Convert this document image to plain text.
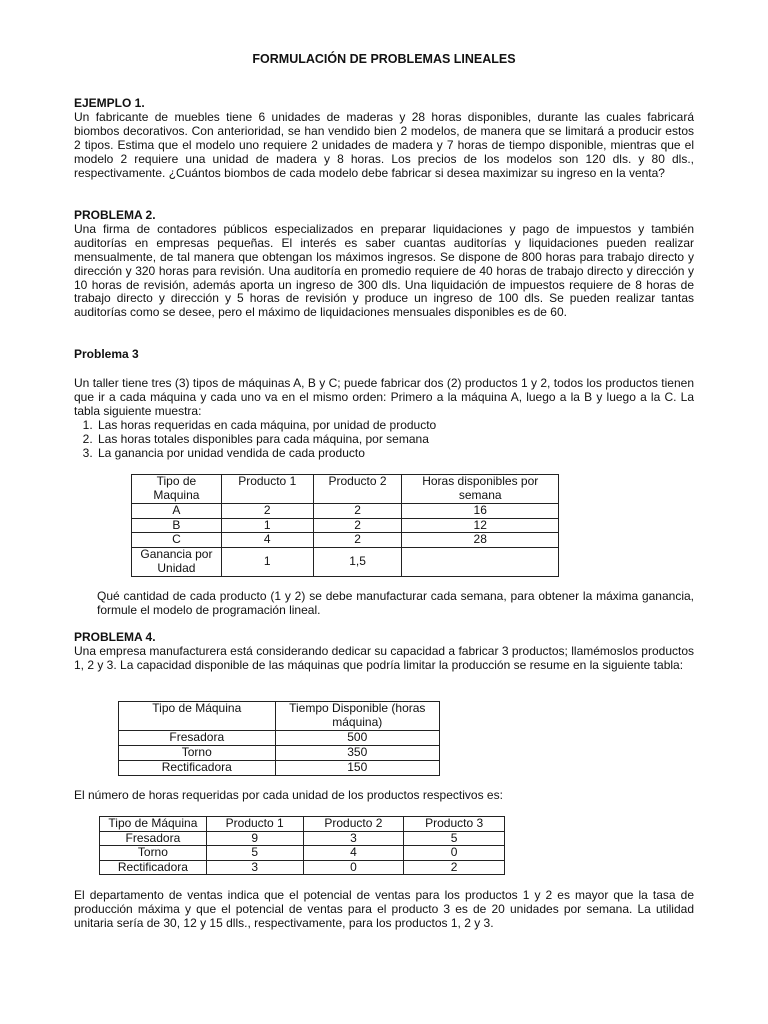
FORMULACIÓN DE PROBLEMAS LINEALES
EJEMPLO 1.
Un fabricante de muebles tiene 6 unidades de maderas y 28 horas disponibles, durante las cuales fabricará biombos decorativos. Con anterioridad, se han vendido bien 2 modelos, de manera que se limitará a producir estos 2 tipos. Estima que el modelo uno requiere 2 unidades de madera y 7 horas de tiempo disponible, mientras que el modelo 2 requiere una unidad de madera y 8 horas. Los precios de los modelos son 120 dls. y 80 dls., respectivamente. ¿Cuántos biombos de cada modelo debe fabricar si desea maximizar su ingreso en la venta?
PROBLEMA 2.
Una firma de contadores públicos especializados en preparar liquidaciones y pago de impuestos y también auditorías en empresas pequeñas. El interés es saber cuantas auditorías y liquidaciones pueden realizar mensualmente, de tal manera que obtengan los máximos ingresos. Se dispone de 800 horas para trabajo directo y dirección y 320 horas para revisión. Una auditoría en promedio requiere de 40 horas de trabajo directo y dirección y 10 horas de revisión, además aporta un ingreso de 300 dls. Una liquidación de impuestos requiere de 8 horas de trabajo directo y dirección y 5 horas de revisión y produce un ingreso de 100 dls. Se pueden realizar tantas auditorías como se desee, pero el máximo de liquidaciones mensuales disponibles es de 60.
Problema 3
Un taller tiene tres (3) tipos de máquinas A, B y C; puede fabricar dos (2) productos 1 y 2, todos los productos tienen que ir a cada máquina y cada uno va en el mismo orden: Primero a la máquina A, luego a la B y luego a la C. La tabla siguiente muestra:
1. Las horas requeridas en cada máquina, por unidad de producto
2. Las horas totales disponibles para cada máquina, por semana
3. La ganancia por unidad vendida de cada producto
Tipo de Maquina	Producto 1	Producto 2	Horas disponibles por semana
A	2	2	16
B	1	2	12
C	4	2	28
Ganancia por Unidad	1	1,5	
Qué cantidad de cada producto (1 y 2) se debe manufacturar cada semana, para obtener la máxima ganancia, formule el modelo de programación lineal.
PROBLEMA 4.
Una empresa manufacturera está considerando dedicar su capacidad a fabricar 3 productos; llamémoslos productos 1, 2 y 3. La capacidad disponible de las máquinas que podría limitar la producción se resume en la siguiente tabla:
Tipo de Máquina	Tiempo Disponible (horas máquina)
Fresadora	500
Torno	350
Rectificadora	150
El número de horas requeridas por cada unidad de los productos respectivos es:
Tipo de Máquina	Producto 1	Producto 2	Producto 3
Fresadora	9	3	5
Torno	5	4	0
Rectificadora	3	0	2
El departamento de ventas indica que el potencial de ventas para los productos 1 y 2 es mayor que la tasa de producción máxima y que el potencial de ventas para el producto 3 es de 20 unidades por semana. La utilidad unitaria sería de 30, 12 y 15 dlls., respectivamente, para los productos 1, 2 y 3.
